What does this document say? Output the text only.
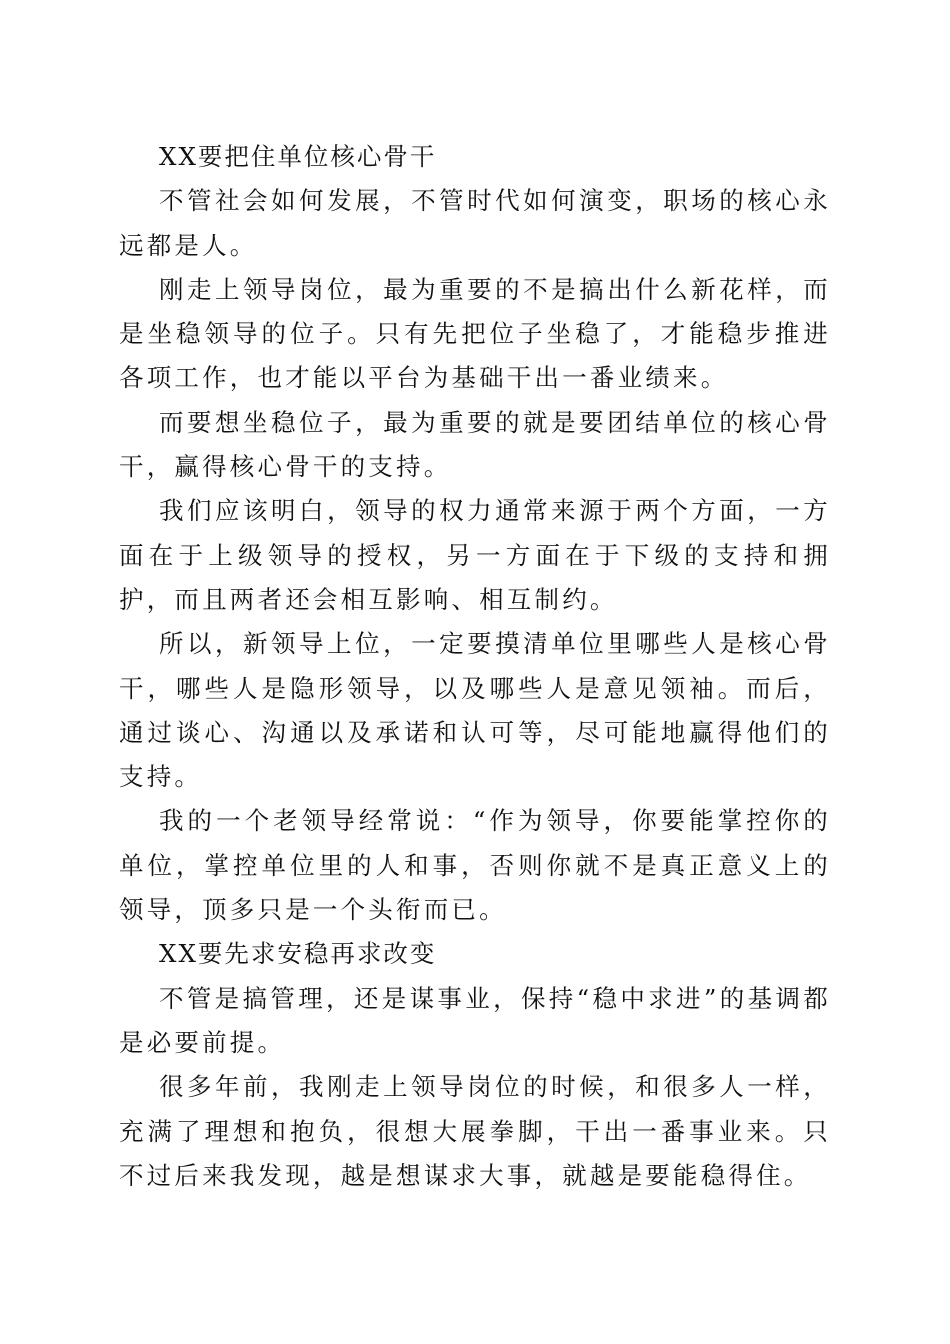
XX要把住单位核心骨干

不管社会如何发展，不管时代如何演变，职场的核心永远都是人。

刚走上领导岗位，最为重要的不是搞出什么新花样，而是坐稳领导的位子。只有先把位子坐稳了，才能稳步推进各项工作，也才能以平台为基础干出一番业绩来。

而要想坐稳位子，最为重要的就是要团结单位的核心骨干，赢得核心骨干的支持。

我们应该明白，领导的权力通常来源于两个方面，一方面在于上级领导的授权，另一方面在于下级的支持和拥护，而且两者还会相互影响、相互制约。

所以，新领导上位，一定要摸清单位里哪些人是核心骨干，哪些人是隐形领导，以及哪些人是意见领袖。而后，通过谈心、沟通以及承诺和认可等，尽可能地赢得他们的支持。

我的一个老领导经常说：“作为领导，你要能掌控你的单位，掌控单位里的人和事，否则你就不是真正意义上的领导，顶多只是一个头衔而已。

XX要先求安稳再求改变

不管是搞管理，还是谋事业，保持“稳中求进”的基调都是必要前提。

很多年前，我刚走上领导岗位的时候，和很多人一样，充满了理想和抱负，很想大展拳脚，干出一番事业来。只不过后来我发现，越是想谋求大事，就越是要能稳得住。
